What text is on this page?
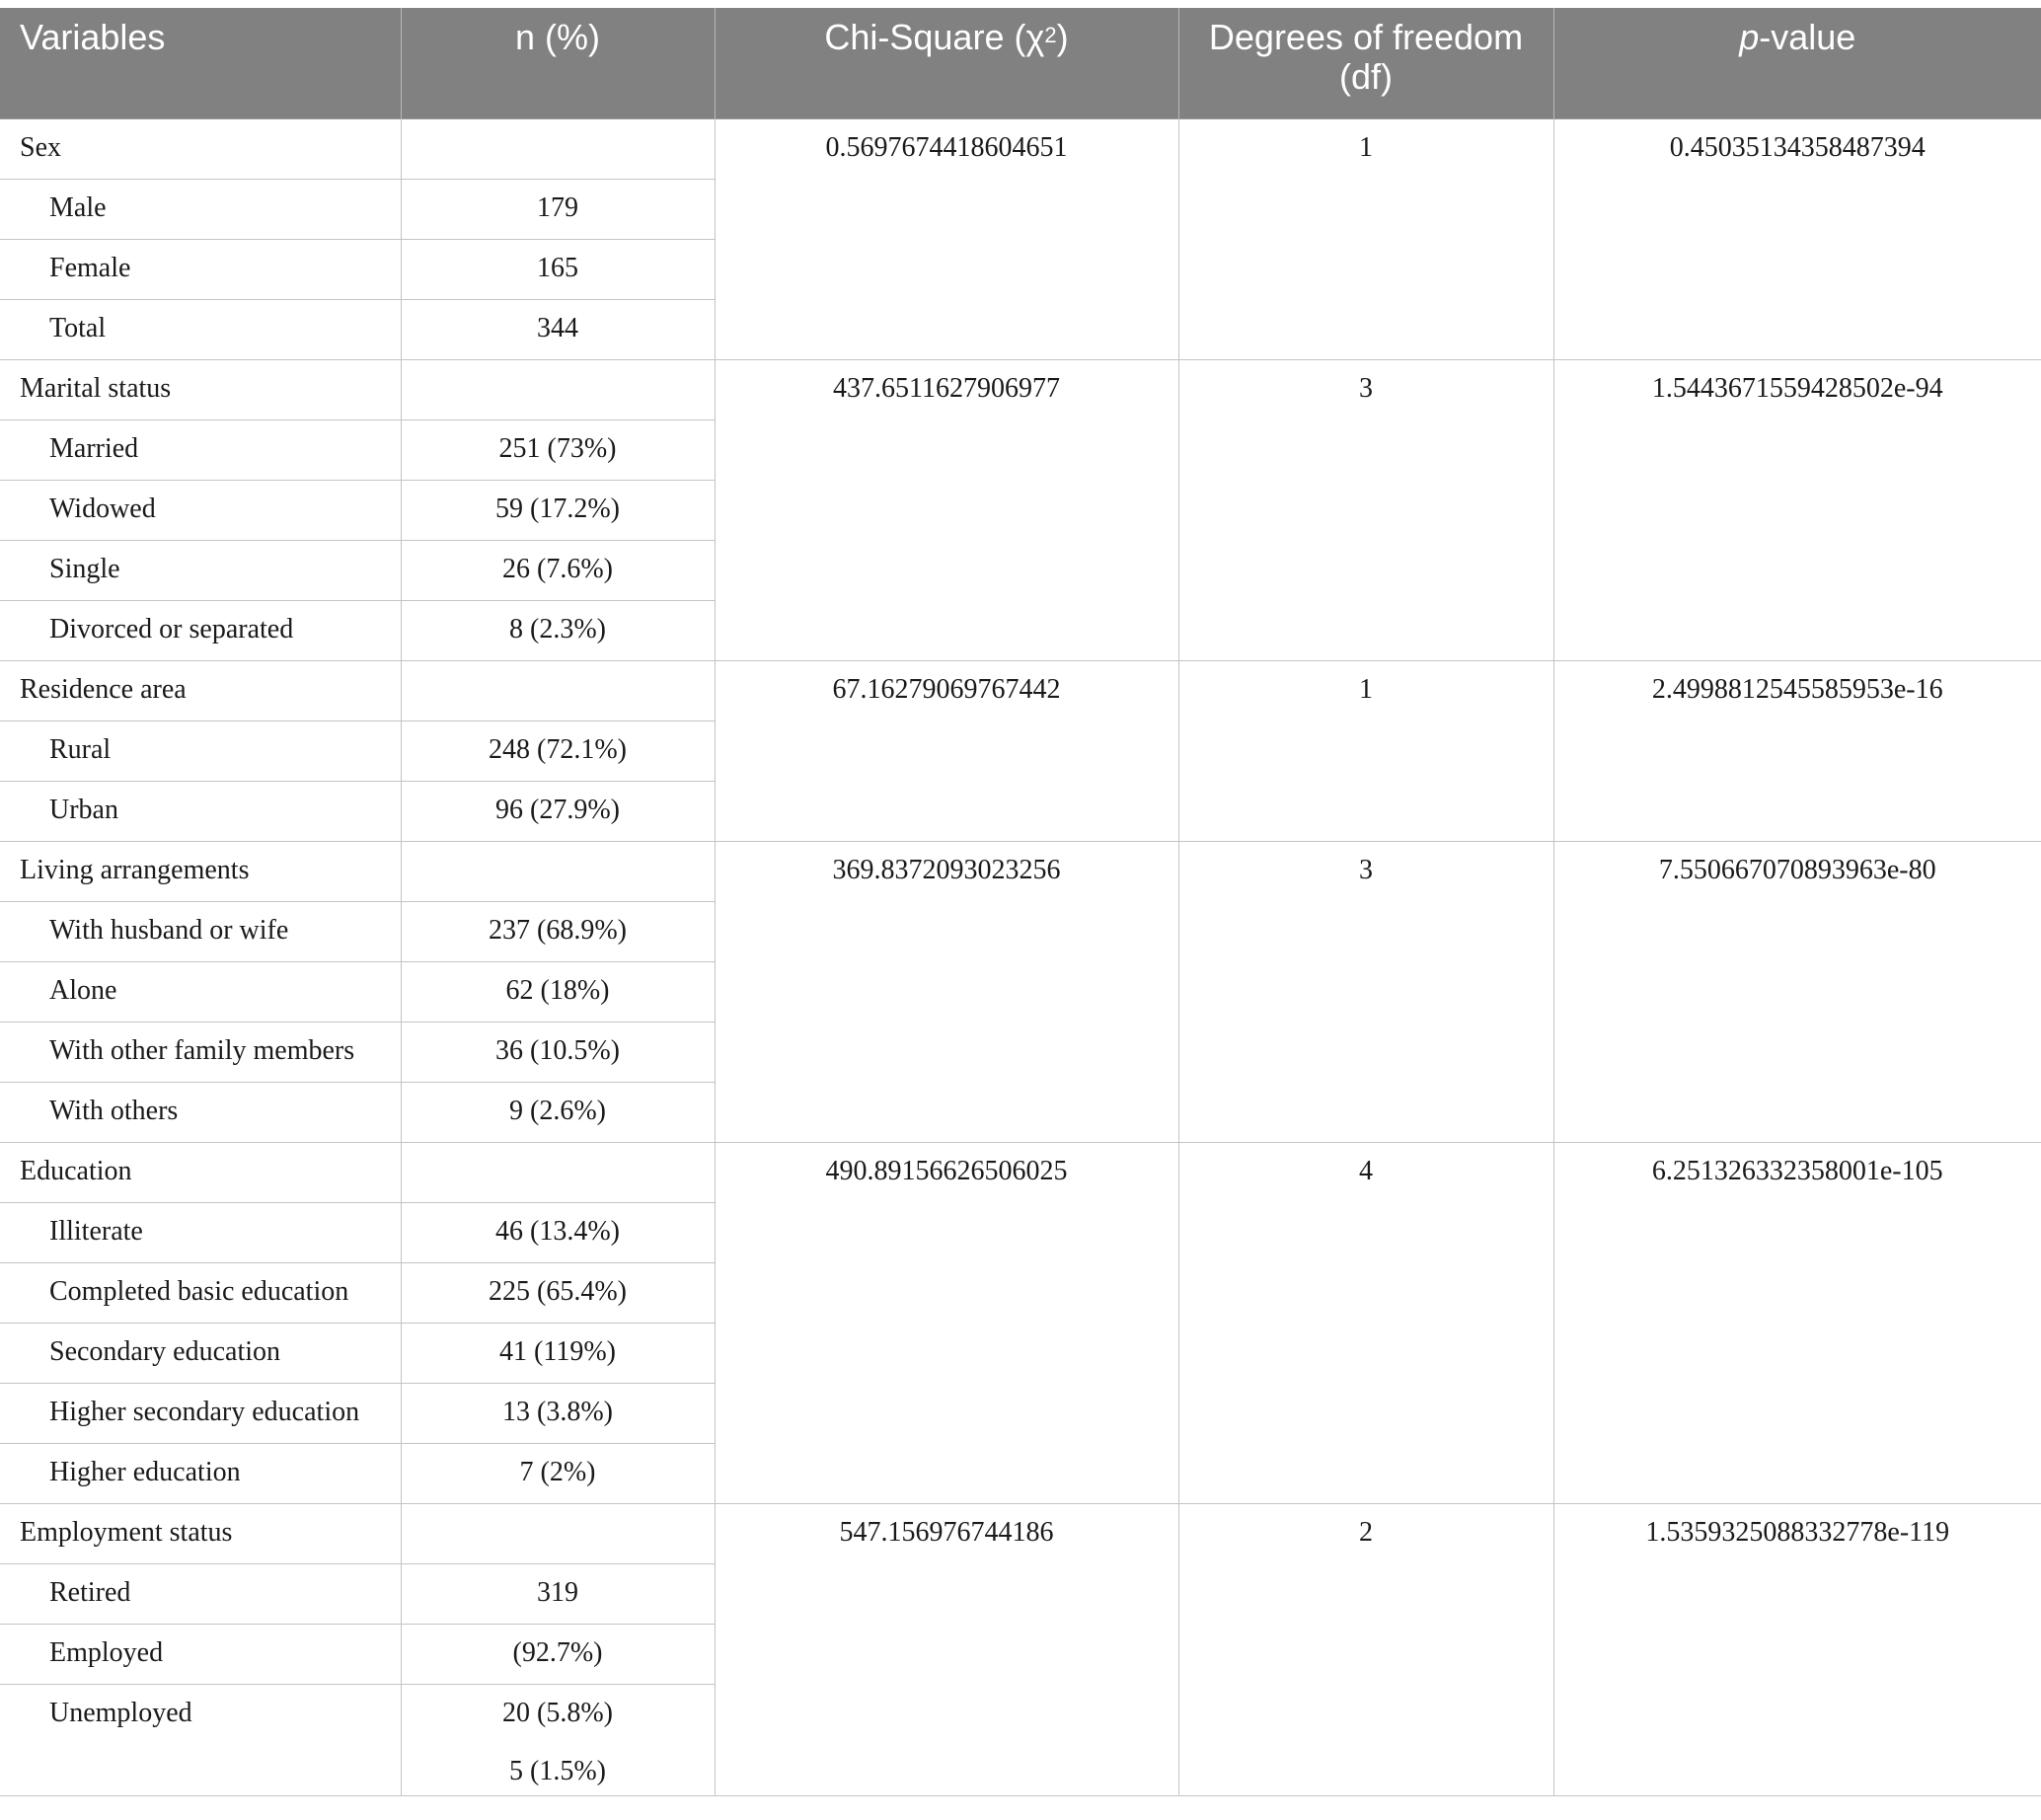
Variables	n (%)	Chi-Square $(\chi^2)$	Degrees of freedom (df)	p-value
Sex		0.5697674418604651	1	0.45035134358487394
Male	179			
Female	165			
Total	344			
Marital status		437.6511627906977	3	1.5443671559428502e-94
Married	251 (73%)			
Widowed	59 (17.2%)			
Single	26 (7.6%)			
Divorced or separated	8 (2.3%)			
Residence area		67.16279069767442	1	2.4998812545585953e-16
Rural	248 (72.1%)			
Urban	96 (27.9%)			
Living arrangements		369.8372093023256	3	7.550667070893963e-80
With husband or wife	237 (68.9%)			
Alone	62 (18%)			
With other family members	36 (10.5%)			
With others	9 (2.6%)			
Education		490.89156626506025	4	6.251326332358001e-105
Illiterate	46 (13.4%)			
Completed basic education	225 (65.4%)			
Secondary education	41 (119%)			
Higher secondary education	13 (3.8%)			
Higher education	7 (2%)			
Employment status		547.156976744186	2	1.5359325088332778e-119
Retired	319			
Employed	(92.7%)			
Unemployed	20 (5.8%)
5 (1.5%)			
